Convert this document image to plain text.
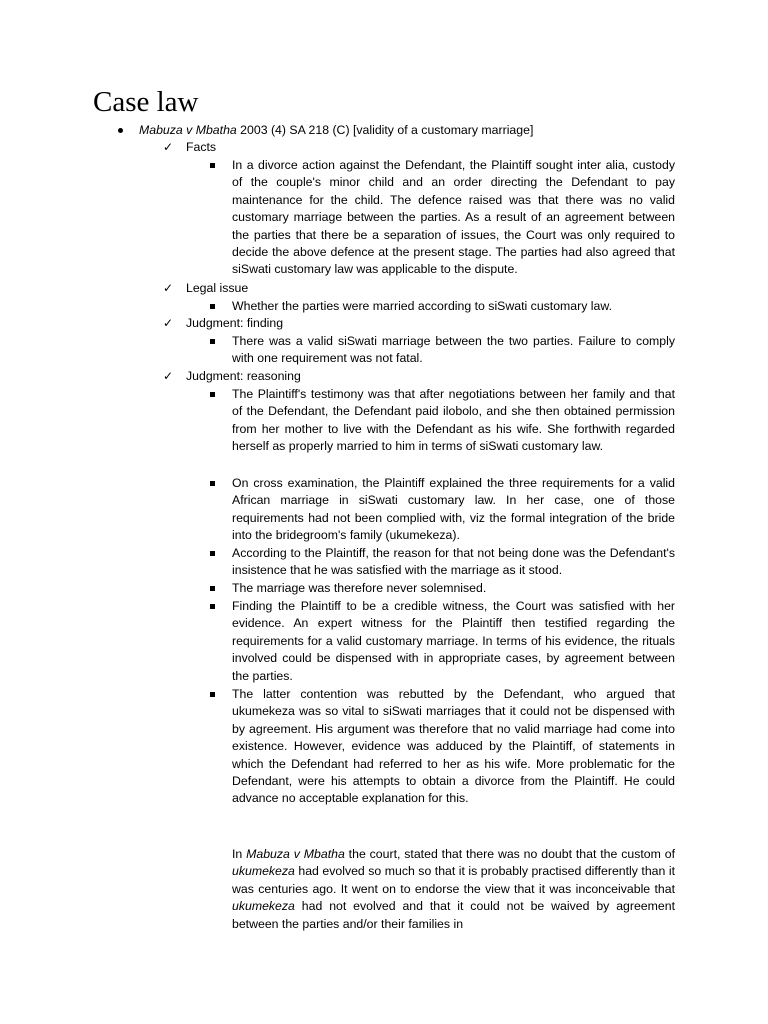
Case law
Mabuza v Mbatha 2003 (4) SA 218 (C) [validity of a customary marriage]
✓	Facts
In a divorce action against the Defendant, the Plaintiff sought inter alia, custody of the couple's minor child and an order directing the Defendant to pay maintenance for the child. The defence raised was that there was no valid customary marriage between the parties. As a result of an agreement between the parties that there be a separation of issues, the Court was only required to decide the above defence at the present stage. The parties had also agreed that siSwati customary law was applicable to the dispute.
✓	Legal issue
Whether the parties were married according to siSwati customary law.
✓	Judgment: finding
There was a valid siSwati marriage between the two parties. Failure to comply with one requirement was not fatal.
✓	Judgment: reasoning
The Plaintiff's testimony was that after negotiations between her family and that of the Defendant, the Defendant paid ilobolo, and she then obtained permission from her mother to live with the Defendant as his wife. She forthwith regarded herself as properly married to him in terms of siSwati customary law.
On cross examination, the Plaintiff explained the three requirements for a valid African marriage in siSwati customary law. In her case, one of those requirements had not been complied with, viz the formal integration of the bride into the bridegroom's family (ukumekeza).
According to the Plaintiff, the reason for that not being done was the Defendant's insistence that he was satisfied with the marriage as it stood.
The marriage was therefore never solemnised.
Finding the Plaintiff to be a credible witness, the Court was satisfied with her evidence. An expert witness for the Plaintiff then testified regarding the requirements for a valid customary marriage. In terms of his evidence, the rituals involved could be dispensed with in appropriate cases, by agreement between the parties.
The latter contention was rebutted by the Defendant, who argued that ukumekeza was so vital to siSwati marriages that it could not be dispensed with by agreement. His argument was therefore that no valid marriage had come into existence. However, evidence was adduced by the Plaintiff, of statements in which the Defendant had referred to her as his wife. More problematic for the Defendant, were his attempts to obtain a divorce from the Plaintiff. He could advance no acceptable explanation for this.
In Mabuza v Mbatha the court, stated that there was no doubt that the custom of ukumekeza had evolved so much so that it is probably practised differently than it was centuries ago. It went on to endorse the view that it was inconceivable that ukumekeza had not evolved and that it could not be waived by agreement between the parties and/or their families in
